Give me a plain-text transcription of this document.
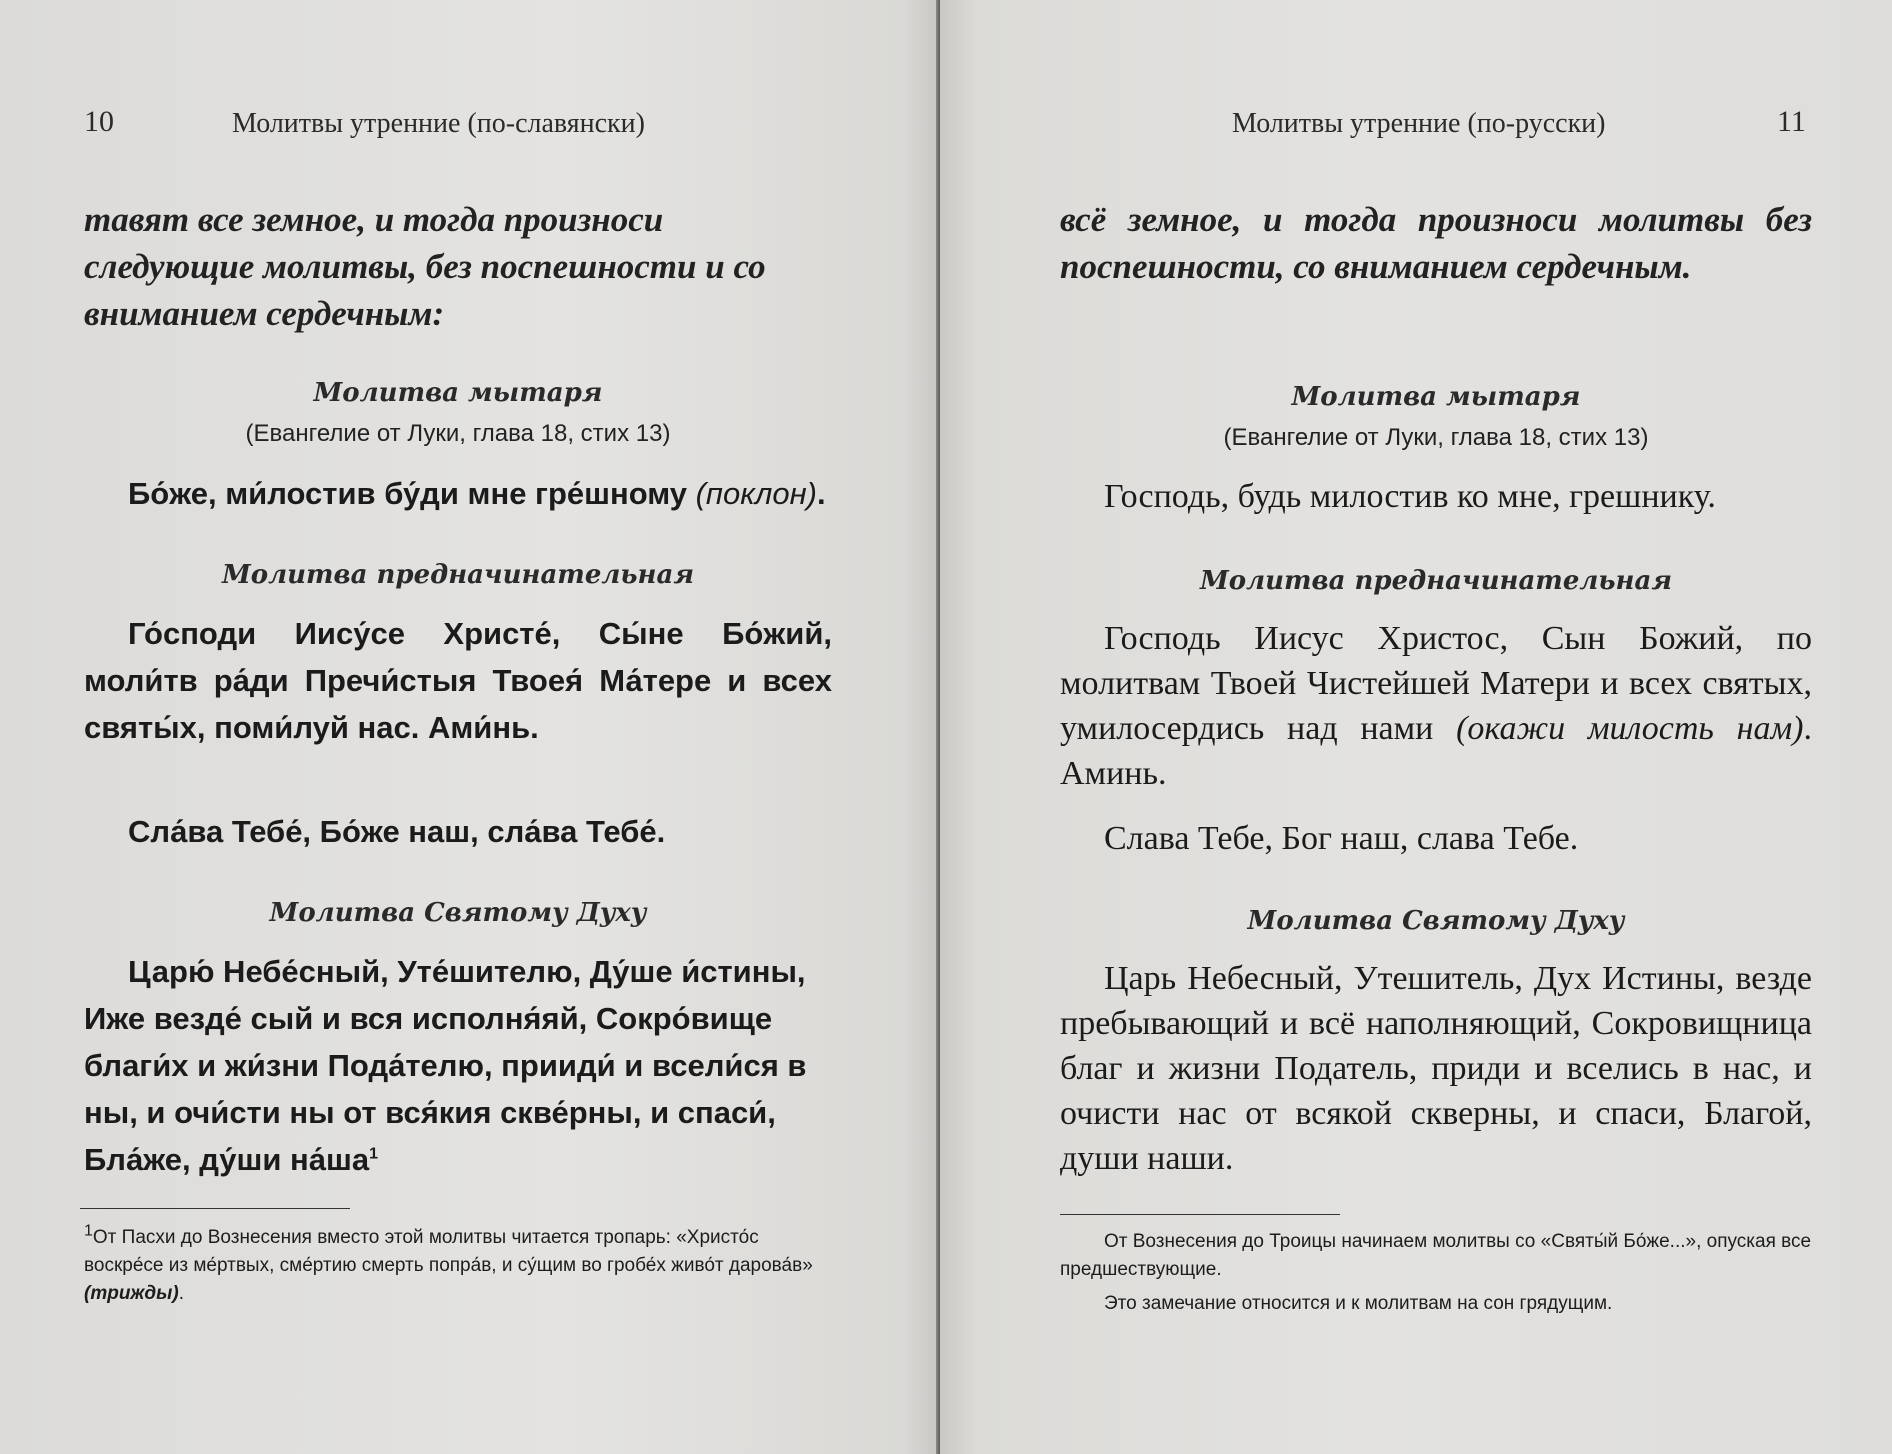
10	Молитвы утренние (по-славянски)
тавят все земное, и тогда произноси следующие молитвы, без поспешности и со вниманием сердечным:
Молитва мытаря
(Евангелие от Луки, глава 18, стих 13)
Бо́же, ми́лостив бу́ди мне гре́шному (поклон).
Молитва предначинательная
Го́споди Иису́се Христе́, Сы́не Бо́жий, моли́тв ра́ди Пречи́стыя Твоея́ Ма́тере и всех святы́х, поми́луй нас. Ами́нь.
Сла́ва Тебе́, Бо́же наш, сла́ва Тебе́.
Молитва Святому Духу
Царю́ Небе́сный, Уте́шителю, Ду́ше и́стины, Иже везде́ сый и вся исполня́яй, Сокро́вище благи́х и жи́зни Пода́телю, прииди́ и всели́ся в ны, и очи́сти ны от вся́кия скве́рны, и спаси́, Бла́же, ду́ши $на́ша^1$
$^1$От Пасхи до Вознесения вместо этой молитвы читается тропарь: «Христо́с воскре́се из ме́ртвых, сме́ртию смерть попра́в, и су́щим во гробе́х живо́т дарова́в» (трижды).
Молитвы утренние (по-русски)	11
всё земное, и тогда произноси молитвы без поспешности, со вниманием сердечным.
Молитва мытаря
(Евангелие от Луки, глава 18, стих 13)
Господь, будь милостив ко мне, грешнику.
Молитва предначинательная
Господь Иисус Христос, Сын Божий, по молитвам Твоей Чистейшей Матери и всех святых, умилосердись над нами (окажи милость нам). Аминь.
Слава Тебе, Бог наш, слава Тебе.
Молитва Святому Духу
Царь Небесный, Утешитель, Дух Истины, везде пребывающий и всё наполняющий, Сокровищница благ и жизни Податель, приди и вселись в нас, и очисти нас от всякой скверны, и спаси, Благой, души наши.
От Вознесения до Троицы начинаем молитвы со «Святы́й Бо́же...», опуская все предшествующие.
Это замечание относится и к молитвам на сон грядущим.
